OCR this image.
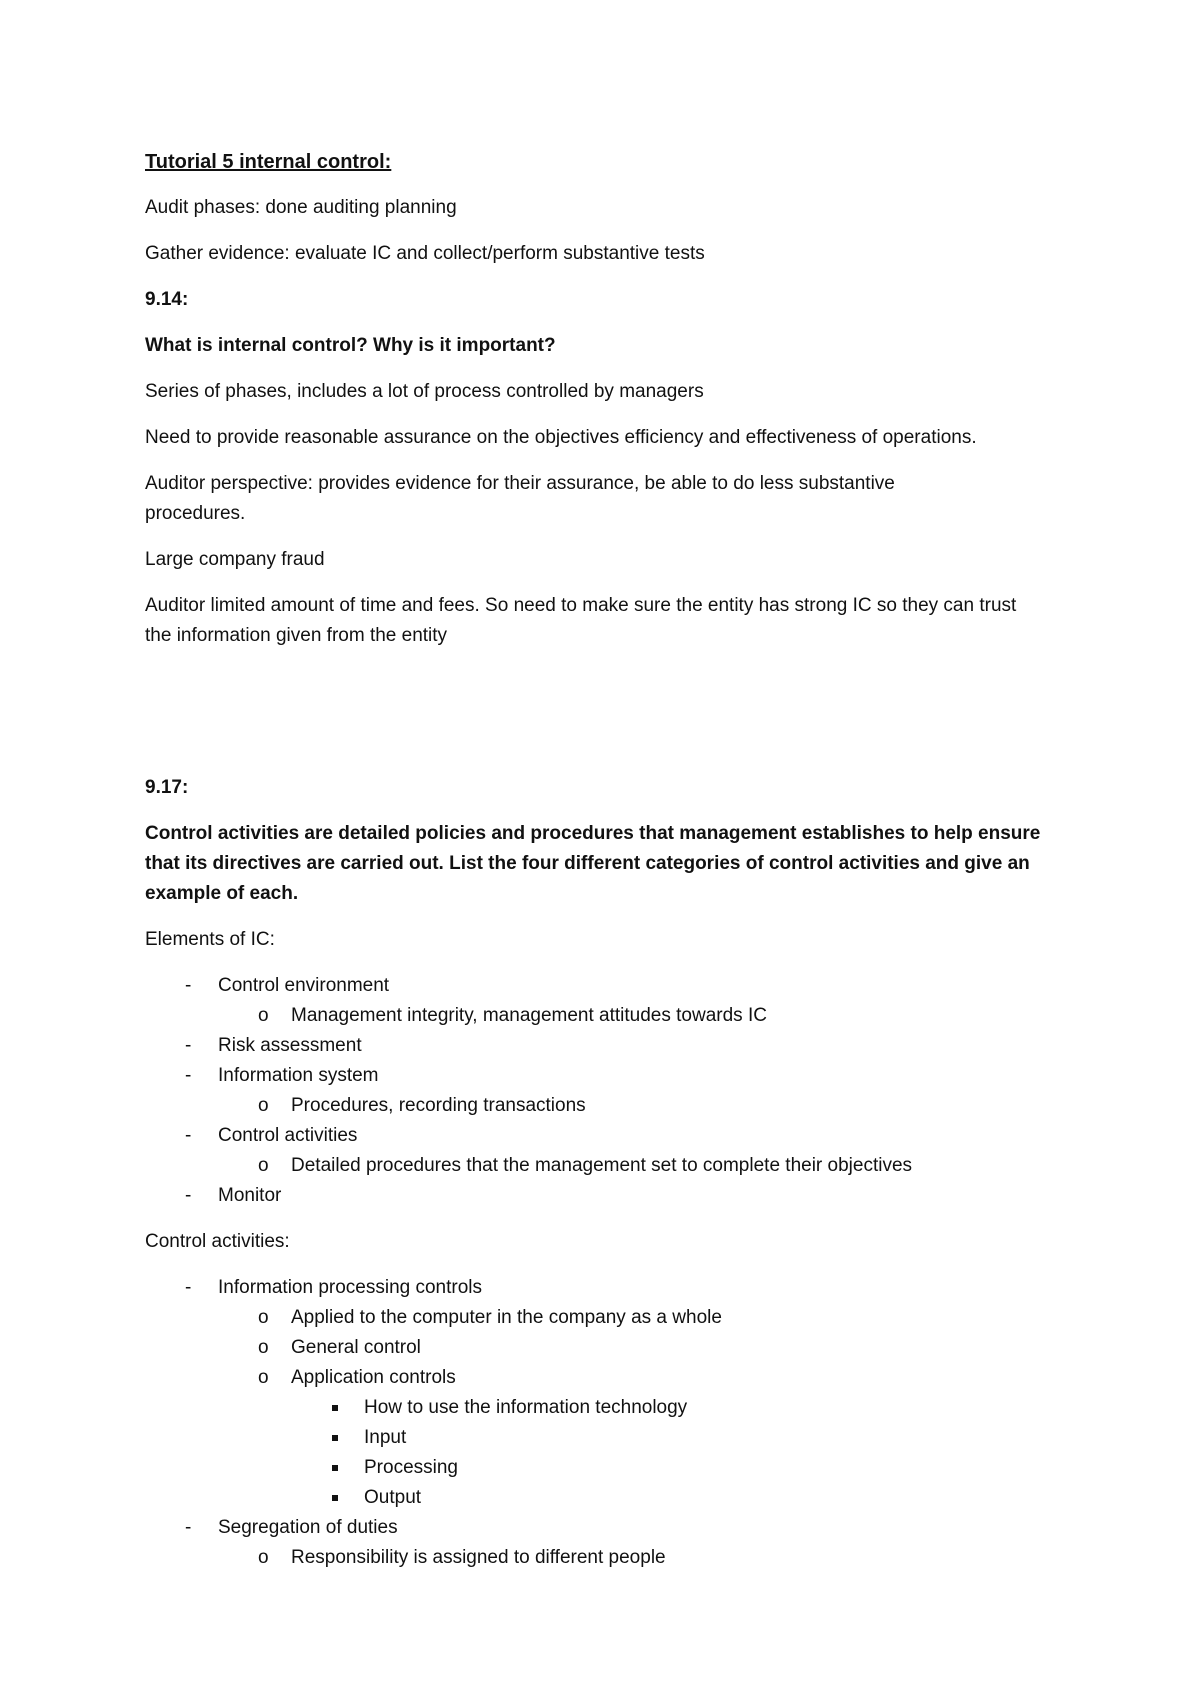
Tutorial 5 internal control:

Audit phases: done auditing planning

Gather evidence: evaluate IC and collect/perform substantive tests

9.14:

What is internal control? Why is it important?

Series of phases, includes a lot of process controlled by managers

Need to provide reasonable assurance on the objectives efficiency and effectiveness of operations.

Auditor perspective: provides evidence for their assurance, be able to do less substantive procedures.

Large company fraud

Auditor limited amount of time and fees. So need to make sure the entity has strong IC so they can trust the information given from the entity

9.17:

Control activities are detailed policies and procedures that management establishes to help ensure that its directives are carried out. List the four different categories of control activities and give an example of each.

Elements of IC:

-	Control environment
o	Management integrity, management attitudes towards IC
-	Risk assessment
-	Information system
o	Procedures, recording transactions
-	Control activities
o	Detailed procedures that the management set to complete their objectives
-	Monitor

Control activities:

-	Information processing controls
o	Applied to the computer in the company as a whole
o	General control
o	Application controls
How to use the information technology
Input
Processing
Output
-	Segregation of duties
o	Responsibility is assigned to different people
